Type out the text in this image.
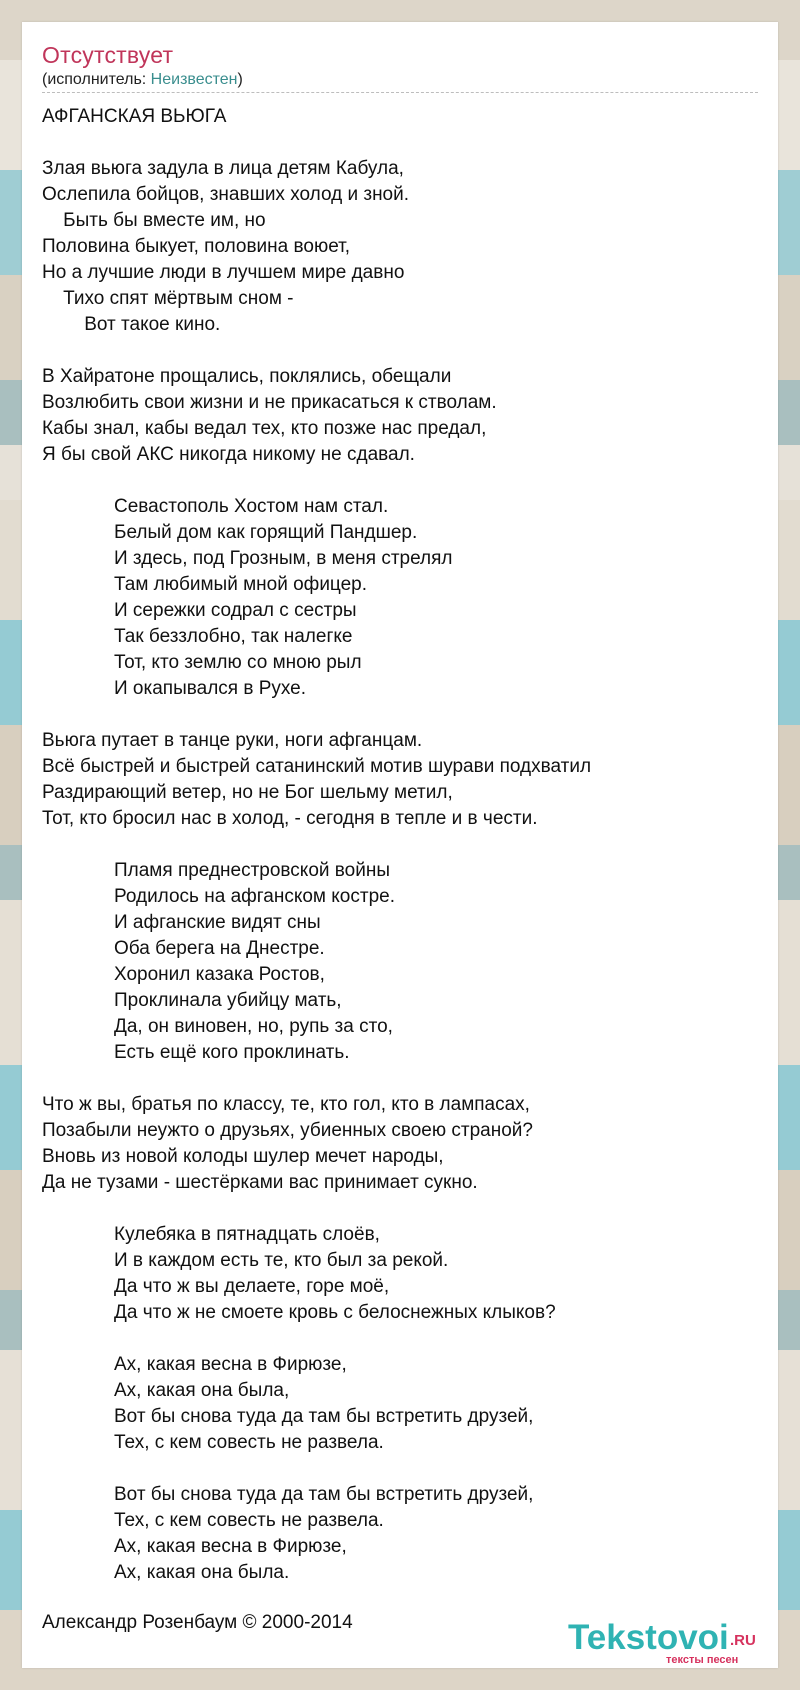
Отсутствует
(исполнитель: Неизвестен)
АФГАНСКАЯ ВЬЮГА
Злая вьюга задула в лица детям Кабула,
Ослепила бойцов, знавших холод и зной.
Быть бы вместе им, но
Половина быкует, половина воюет,
Но а лучшие люди в лучшем мире давно
Тихо спят мёртвым сном -
Вот такое кино.
В Хайратоне прощались, поклялись, обещали
Возлюбить свои жизни и не прикасаться к стволам.
Кабы знал, кабы ведал тех, кто позже нас предал,
Я бы свой АКС никогда никому не сдавал.
Севастополь Хостом нам стал.
Белый дом как горящий Пандшер.
И здесь, под Грозным, в меня стрелял
Там любимый мной офицер.
И сережки содрал с сестры
Так беззлобно, так налегке
Тот, кто землю со мною рыл
И окапывался в Рухе.
Вьюга путает в танце руки, ноги афганцам.
Всё быстрей и быстрей сатанинский мотив шурави подхватил
Раздирающий ветер, но не Бог шельму метил,
Тот, кто бросил нас в холод, - сегодня в тепле и в чести.
Пламя преднестровской войны
Родилось на афганском костре.
И афганские видят сны
Оба берега на Днестре.
Хоронил казака Ростов,
Проклинала убийцу мать,
Да, он виновен, но, рупь за сто,
Есть ещё кого проклинать.
Что ж вы, братья по классу, те, кто гол, кто в лампасах,
Позабыли неужто о друзьях, убиенных своею страной?
Вновь из новой колоды шулер мечет народы,
Да не тузами - шестёрками вас принимает сукно.
Кулебяка в пятнадцать слоёв,
И в каждом есть те, кто был за рекой.
Да что ж вы делаете, горе моё,
Да что ж не смоете кровь с белоснежных клыков?
Ах, какая весна в Фирюзе,
Ах, какая она была,
Вот бы снова туда да там бы встретить друзей,
Тех, с кем совесть не развела.
Вот бы снова туда да там бы встретить друзей,
Тех, с кем совесть не развела.
Ах, какая весна в Фирюзе,
Ах, какая она была.
Александр Розенбаум © 2000-2014	Tekstovoi .RU
тексты песен
